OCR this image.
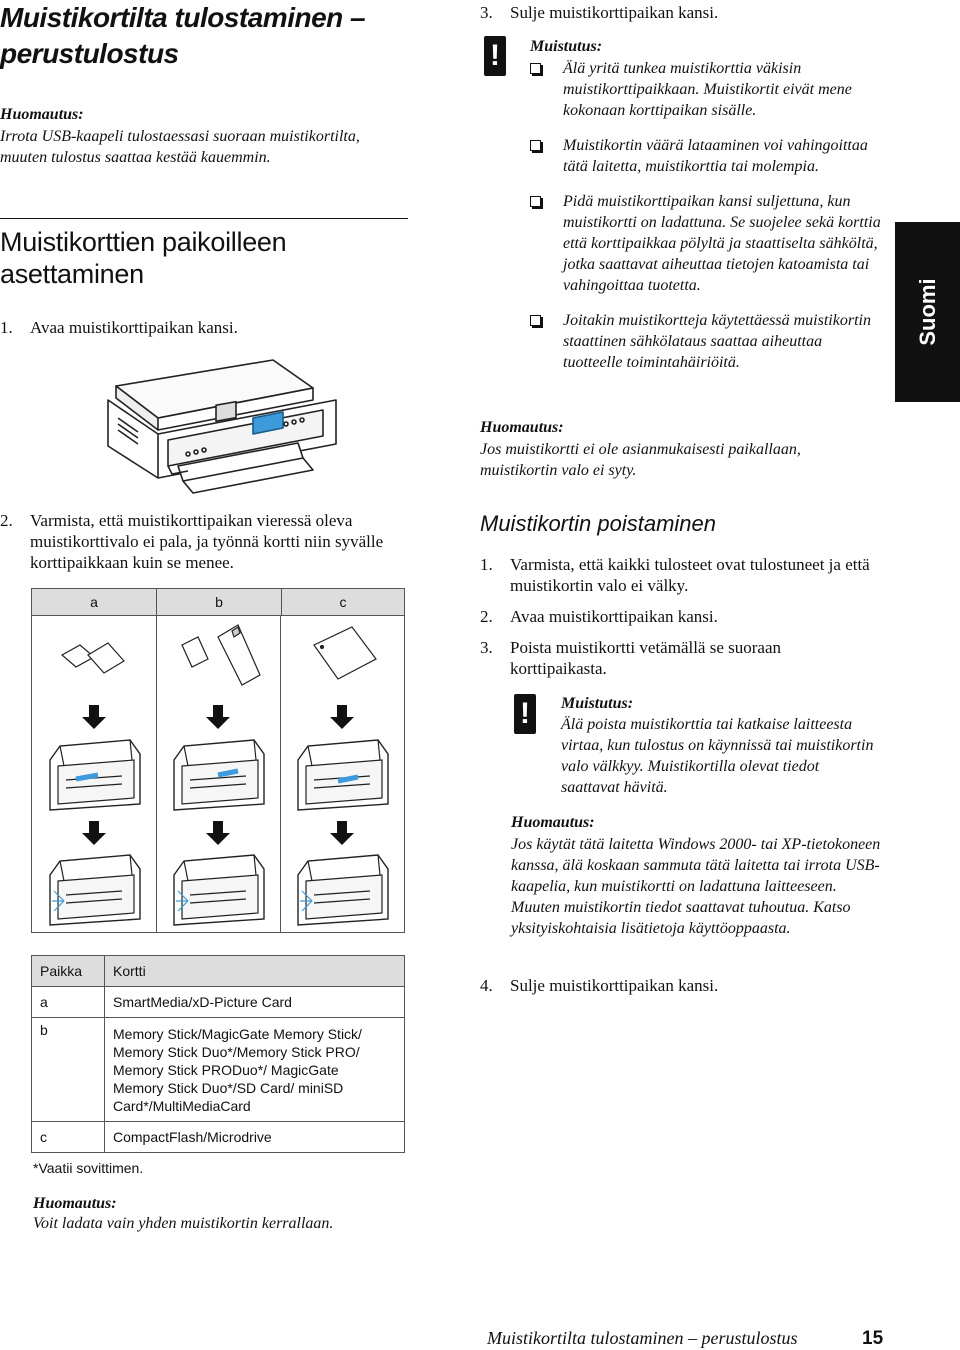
Muistikortilta tulostaminen – perustulostus
Huomautus:
Irrota USB-kaapeli tulostaessasi suoraan muistikortilta, muuten tulostus saattaa kestää kauemmin.
Muistikorttien paikoilleen asettaminen
1.	Avaa muistikorttipaikan kansi.
2.	Varmista, että muistikorttipaikan vieressä oleva muistikorttivalo ei pala, ja työnnä kortti niin syvälle korttipaikkaan kuin se menee.
a	b	c
Paikka	Kortti
a	SmartMedia/xD-Picture Card
b	Memory Stick/MagicGate Memory Stick/ Memory Stick Duo*/Memory Stick PRO/ Memory Stick PRODuo*/ MagicGate Memory Stick Duo*/SD Card/ miniSD Card*/MultiMediaCard
c	CompactFlash/Microdrive
*Vaatii sovittimen.
Huomautus:
Voit ladata vain yhden muistikortin kerrallaan.
3.	Sulje muistikorttipaikan kansi.
!	Muistutus:
Älä yritä tunkea muistikorttia väkisin muistikorttipaikkaan. Muistikortit eivät mene kokonaan korttipaikan sisälle.
Muistikortin väärä lataaminen voi vahingoittaa tätä laitetta, muistikorttia tai molempia.
Pidä muistikorttipaikan kansi suljettuna, kun muistikortti on ladattuna. Se suojelee sekä korttia että korttipaikkaa pölyltä ja staattiselta sähköltä, jotka saattavat aiheuttaa tietojen katoamista tai vahingoittaa tuotetta.
Joitakin muistikortteja käytettäessä muistikortin staattinen sähkölataus saattaa aiheuttaa tuotteelle toimintahäiriöitä.
Huomautus:
Jos muistikortti ei ole asianmukaisesti paikallaan, muistikortin valo ei syty.
Muistikortin poistaminen
1.	Varmista, että kaikki tulosteet ovat tulostuneet ja että muistikortin valo ei välky.
2.	Avaa muistikorttipaikan kansi.
3.	Poista muistikortti vetämällä se suoraan korttipaikasta.
!	Muistutus:
Älä poista muistikorttia tai katkaise laitteesta virtaa, kun tulostus on käynnissä tai muistikortin valo välkkyy. Muistikortilla olevat tiedot saattavat hävitä.
Huomautus:
Jos käytät tätä laitetta Windows 2000- tai XP-tietokoneen kanssa, älä koskaan sammuta tätä laitetta tai irrota USB-kaapelia, kun muistikortti on ladattuna laitteeseen. Muuten muistikortin tiedot saattavat tuhoutua. Katso yksityiskohtaisia lisätietoja käyttöoppaasta.
4.	Sulje muistikorttipaikan kansi.
Suomi
Muistikortilta tulostaminen – perustulostus	15
